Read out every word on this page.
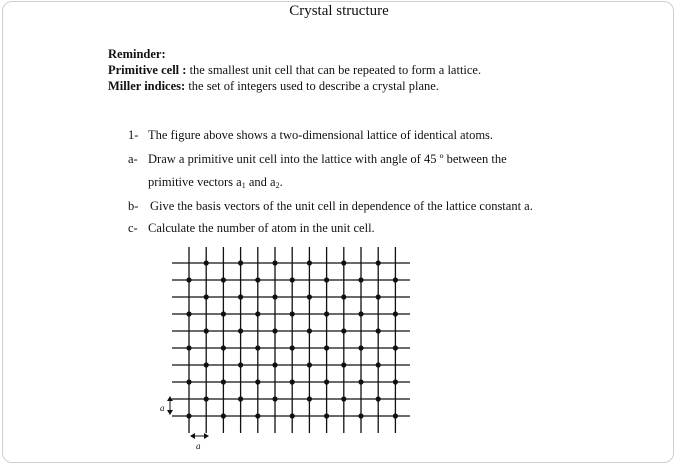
Crystal structure
Reminder:
Primitive cell : the smallest unit cell that can be repeated to form a lattice.
Miller indices: the set of integers used to describe a crystal plane.
1- The figure above shows a two-dimensional lattice of identical atoms.
a- Draw a primitive unit cell into the lattice with angle of 45 º between the
primitive vectors $a_1$ and $a_2$.
b- Give the basis vectors of the unit cell in dependence of the lattice constant a.
c- Calculate the number of atom in the unit cell.
a
a
